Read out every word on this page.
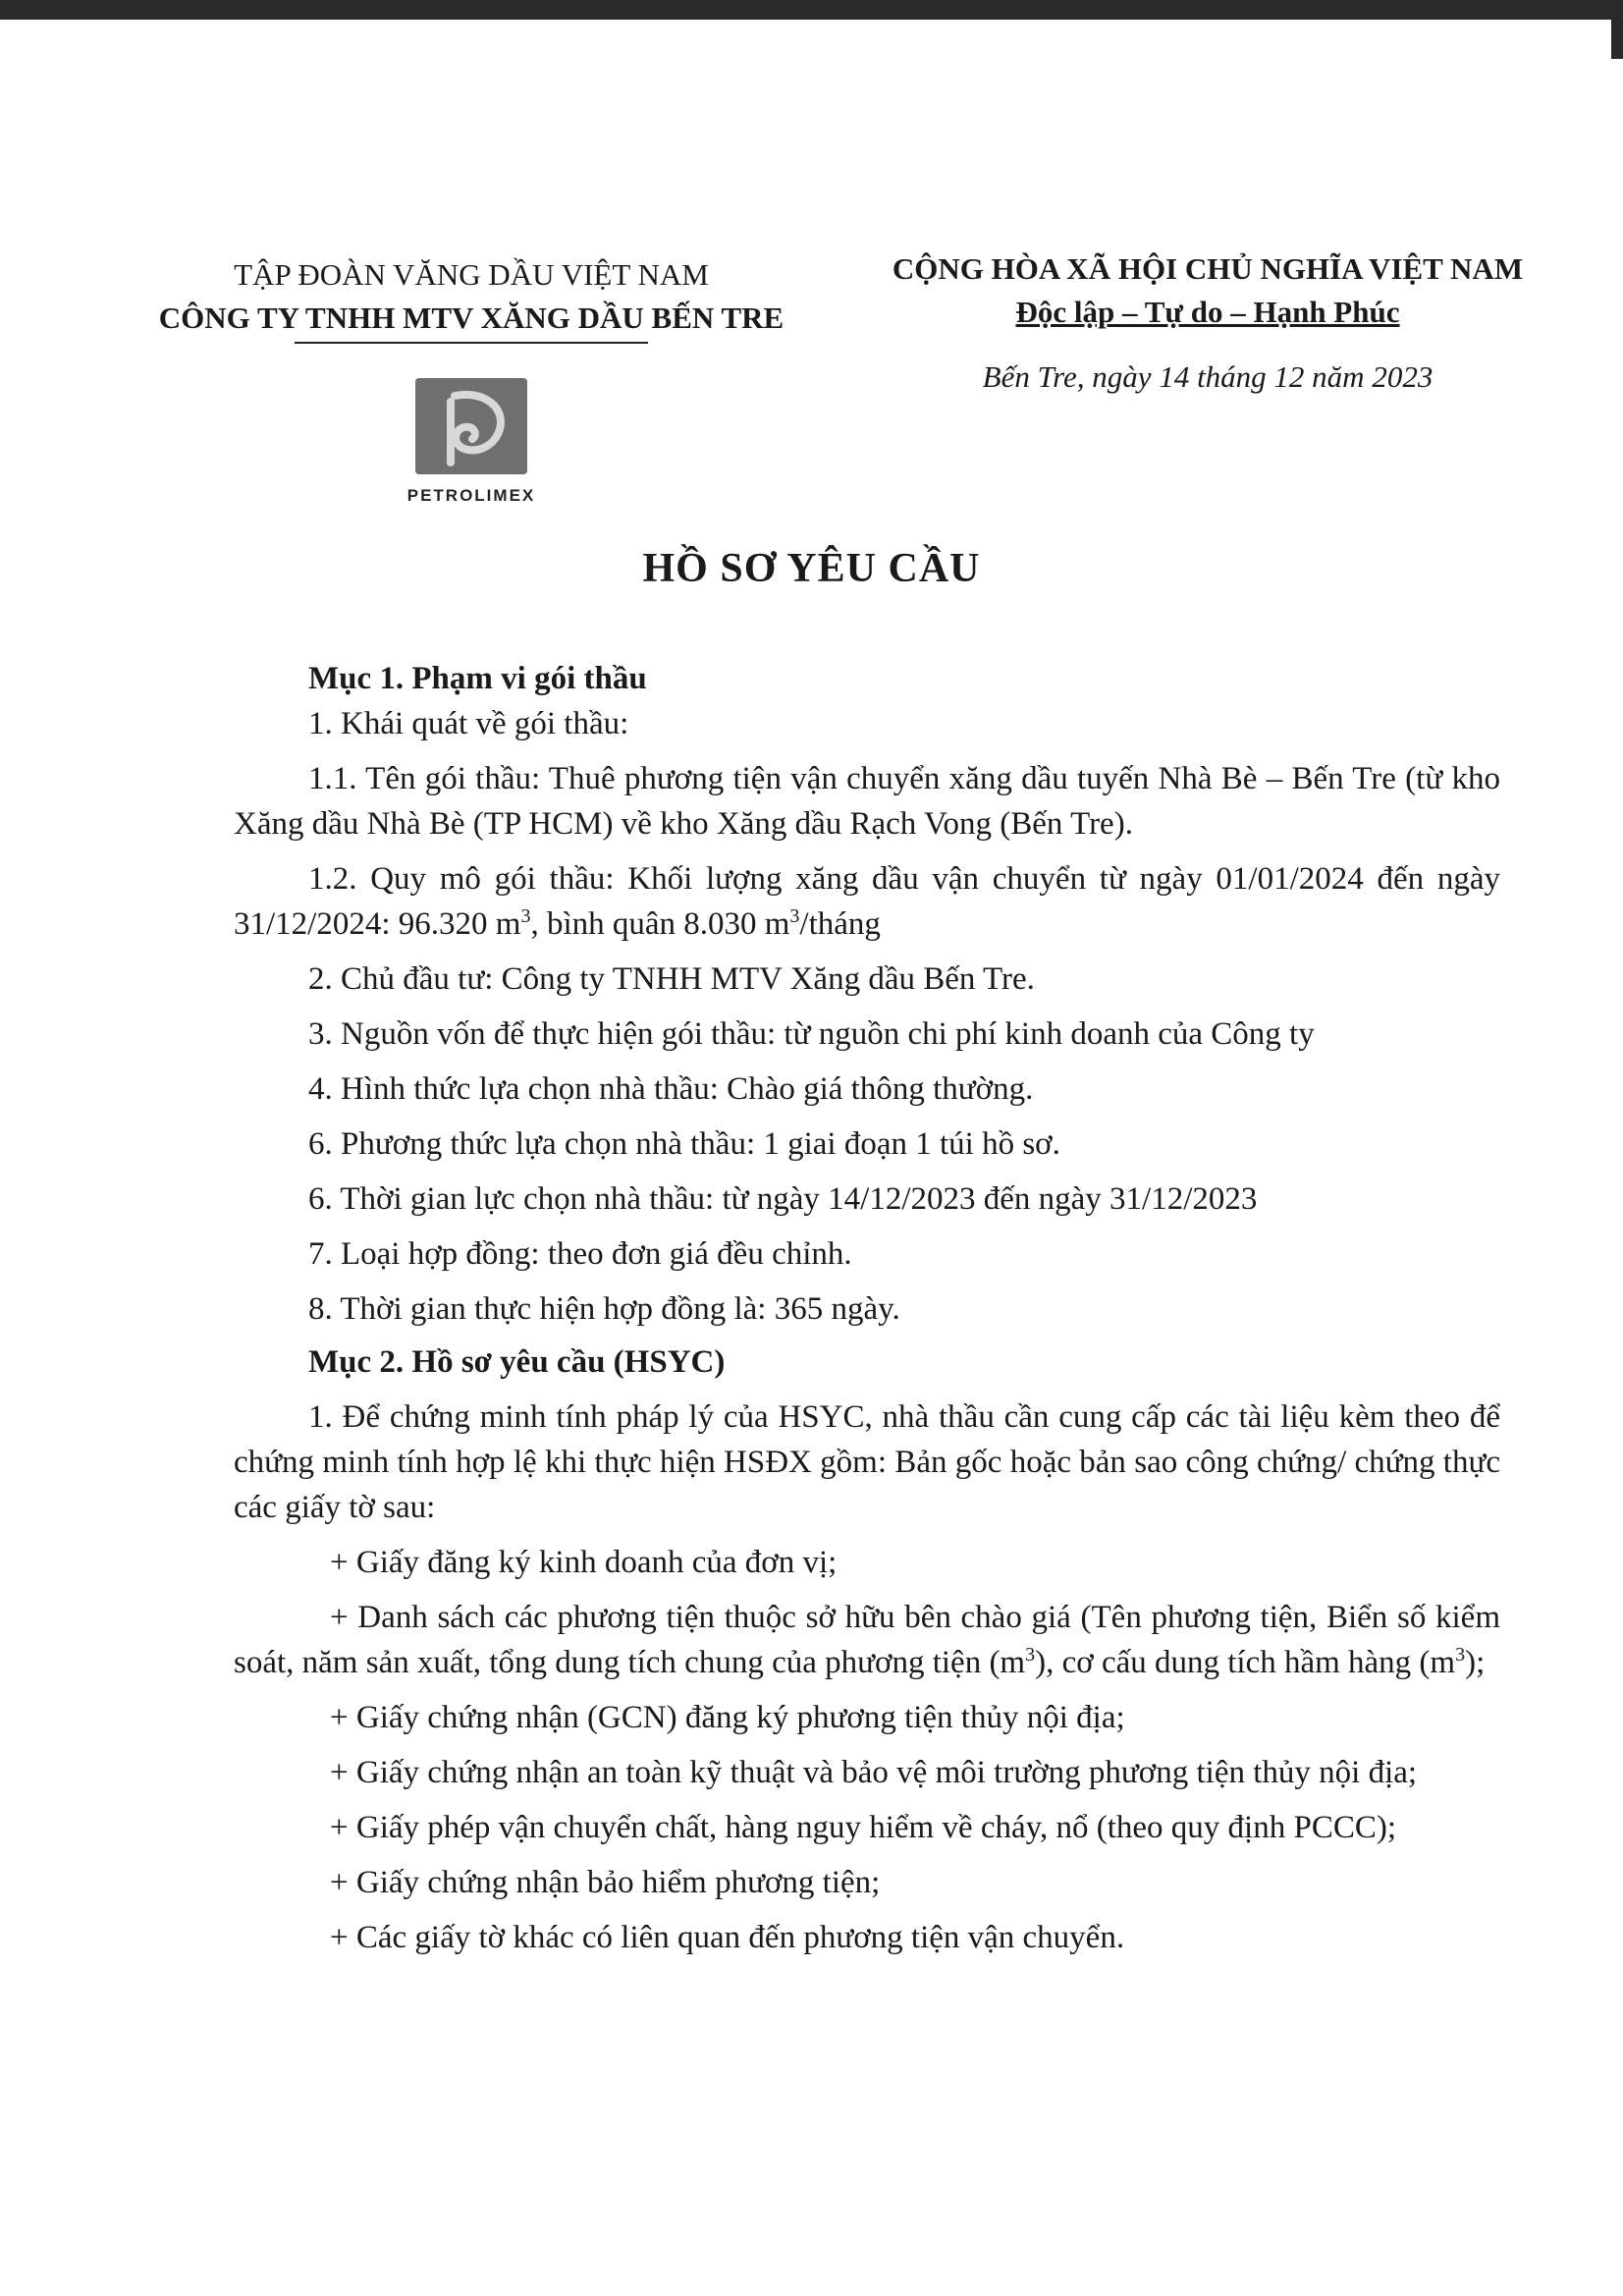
TẬP ĐOÀN VĂNG DẦU VIỆT NAM
CÔNG TY TNHH MTV XĂNG DẦU BẾN TRE
PETROLIMEX
CỘNG HÒA XÃ HỘI CHỦ NGHĨA VIỆT NAM
Độc lập – Tự do – Hạnh Phúc
Bến Tre, ngày 14 tháng 12 năm 2023
HỒ SƠ YÊU CẦU

Mục 1. Phạm vi gói thầu

1. Khái quát về gói thầu:

1.1. Tên gói thầu: Thuê phương tiện vận chuyển xăng dầu tuyến Nhà Bè – Bến Tre (từ kho Xăng dầu Nhà Bè (TP HCM) về kho Xăng dầu Rạch Vong (Bến Tre).

1.2. Quy mô gói thầu: Khối lượng xăng dầu vận chuyển từ ngày 01/01/2024 đến ngày 31/12/2024: 96.320 $m^3$, bình quân 8.030 $m^3$/tháng

2. Chủ đầu tư: Công ty TNHH MTV Xăng dầu Bến Tre.

3. Nguồn vốn để thực hiện gói thầu: từ nguồn chi phí kinh doanh của Công ty

4. Hình thức lựa chọn nhà thầu: Chào giá thông thường.

6. Phương thức lựa chọn nhà thầu: 1 giai đoạn 1 túi hồ sơ.

6. Thời gian lực chọn nhà thầu: từ ngày 14/12/2023 đến ngày 31/12/2023

7. Loại hợp đồng: theo đơn giá đều chỉnh.

8. Thời gian thực hiện hợp đồng là: 365 ngày.

Mục 2. Hồ sơ yêu cầu (HSYC)

1. Để chứng minh tính pháp lý của HSYC, nhà thầu cần cung cấp các tài liệu kèm theo để chứng minh tính hợp lệ khi thực hiện HSĐX gồm: Bản gốc hoặc bản sao công chứng/ chứng thực các giấy tờ sau:

+ Giấy đăng ký kinh doanh của đơn vị;

+ Danh sách các phương tiện thuộc sở hữu bên chào giá (Tên phương tiện, Biển số kiểm soát, năm sản xuất, tổng dung tích chung của phương tiện $(m^3)$, cơ cấu dung tích hầm hàng $(m^3)$;

+ Giấy chứng nhận (GCN) đăng ký phương tiện thủy nội địa;

+ Giấy chứng nhận an toàn kỹ thuật và bảo vệ môi trường phương tiện thủy nội địa;

+ Giấy phép vận chuyển chất, hàng nguy hiểm về cháy, nổ (theo quy định PCCC);

+ Giấy chứng nhận bảo hiểm phương tiện;

+ Các giấy tờ khác có liên quan đến phương tiện vận chuyển.
